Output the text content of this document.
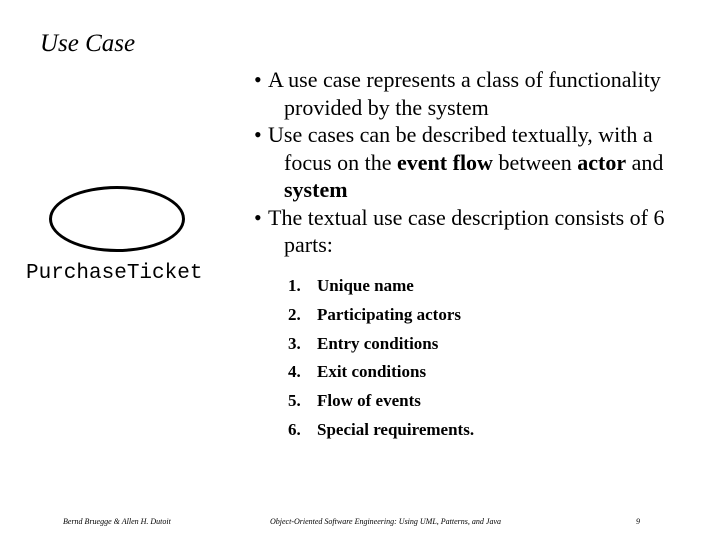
Use Case
PurchaseTicket
• A use case represents a class of functionality provided by the system
• Use cases can be described textually, with a focus on the event flow between actor and system
• The textual use case description consists of 6 parts:
1. Unique name
2. Participating actors
3. Entry conditions
4. Exit conditions
5. Flow of events
6. Special requirements.
Bernd Bruegge & Allen H. Dutoit	Object-Oriented Software Engineering: Using UML, Patterns, and Java	9
